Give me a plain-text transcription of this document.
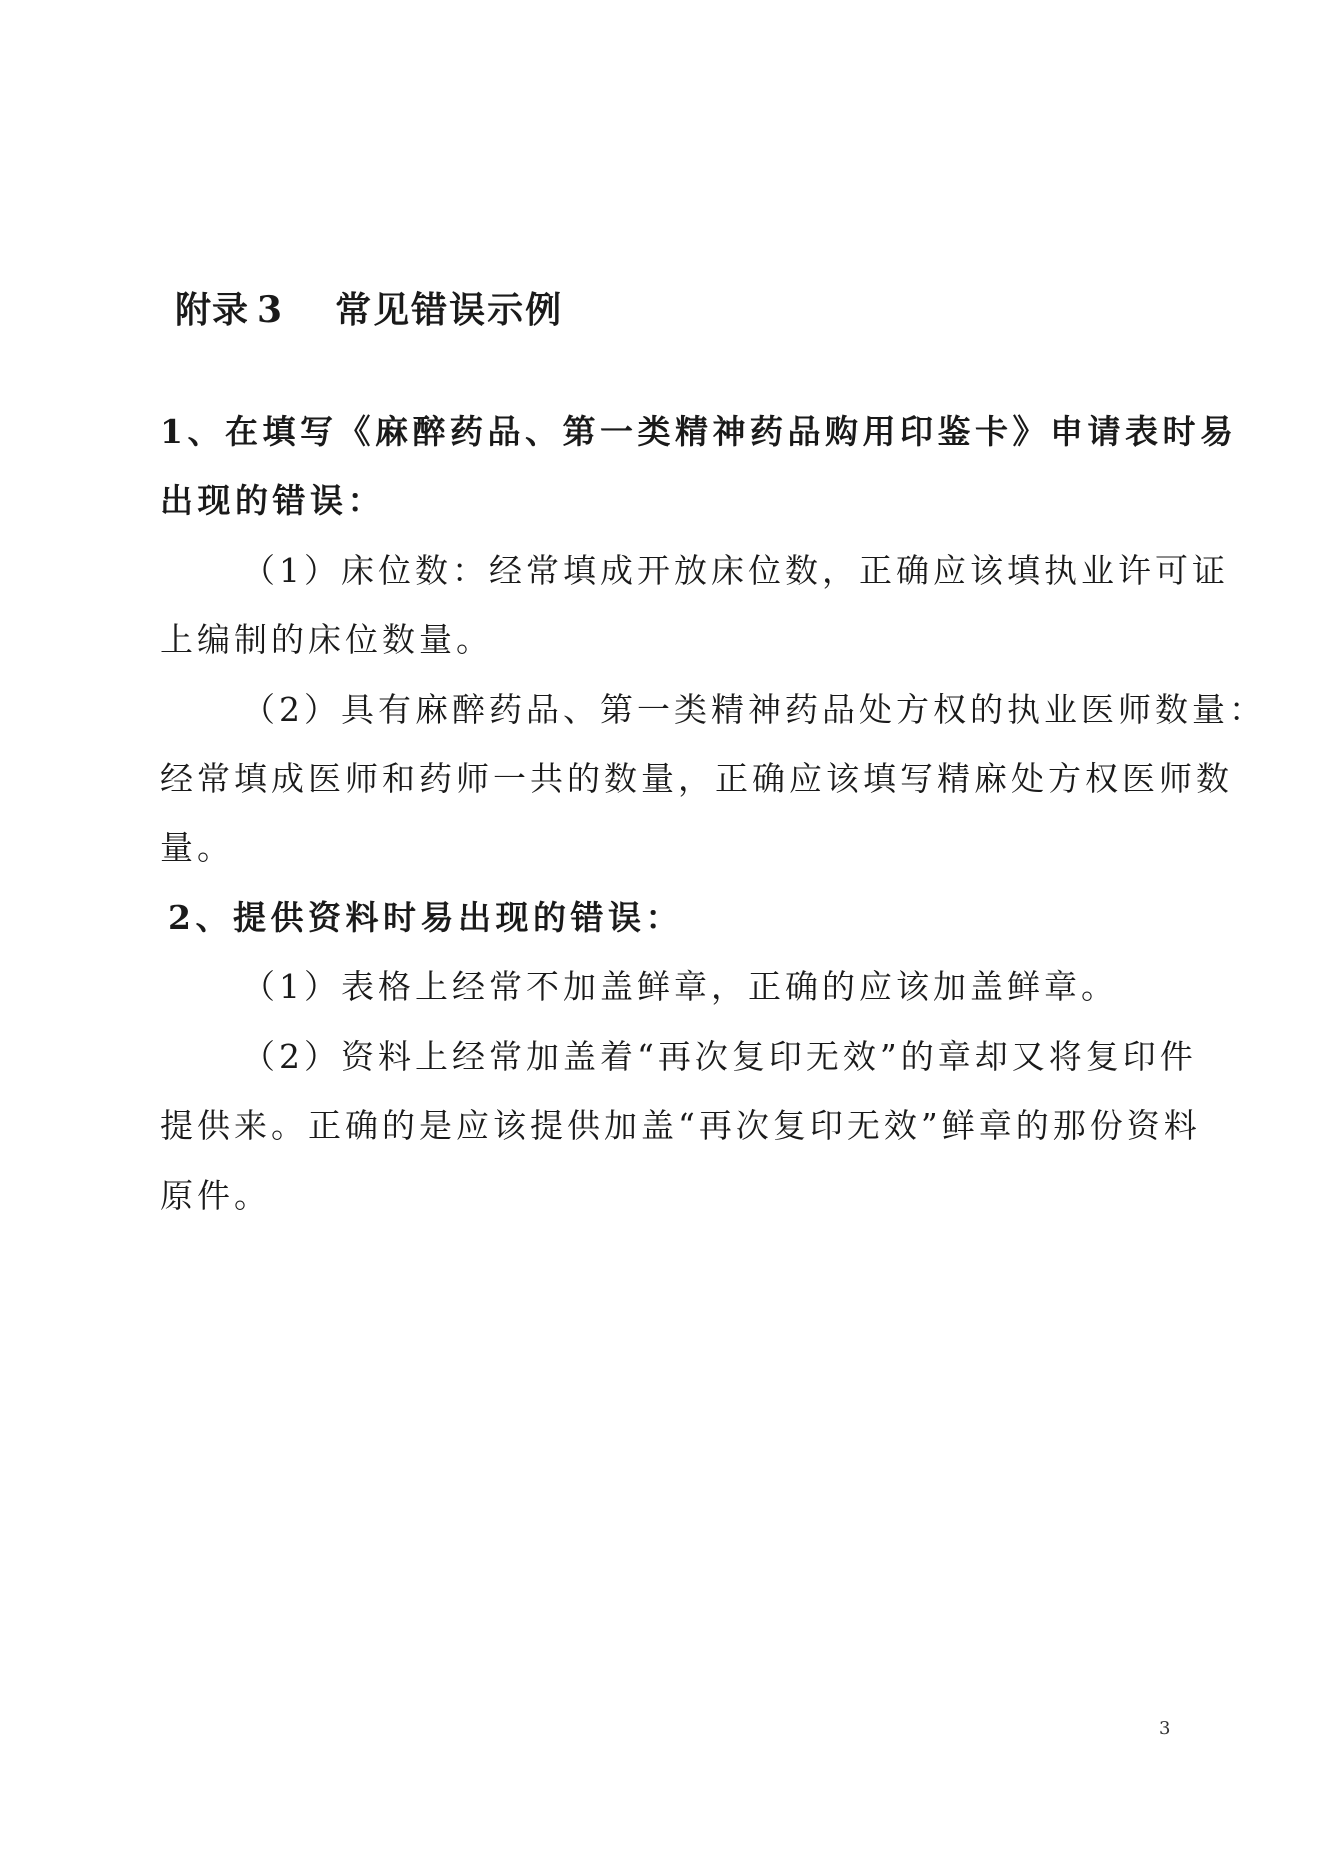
附录 3 常见错误示例
1、在填写《麻醉药品、第一类精神药品购用印鉴卡》申请表时易
出现的错误：
（1）床位数：经常填成开放床位数，正确应该填执业许可证
上编制的床位数量。
（2）具有麻醉药品、第一类精神药品处方权的执业医师数量：
经常填成医师和药师一共的数量，正确应该填写精麻处方权医师数
量。
2、提供资料时易出现的错误：
（1）表格上经常不加盖鲜章，正确的应该加盖鲜章。
（2）资料上经常加盖着“再次复印无效”的章却又将复印件
提供来。正确的是应该提供加盖“再次复印无效”鲜章的那份资料
原件。
3
